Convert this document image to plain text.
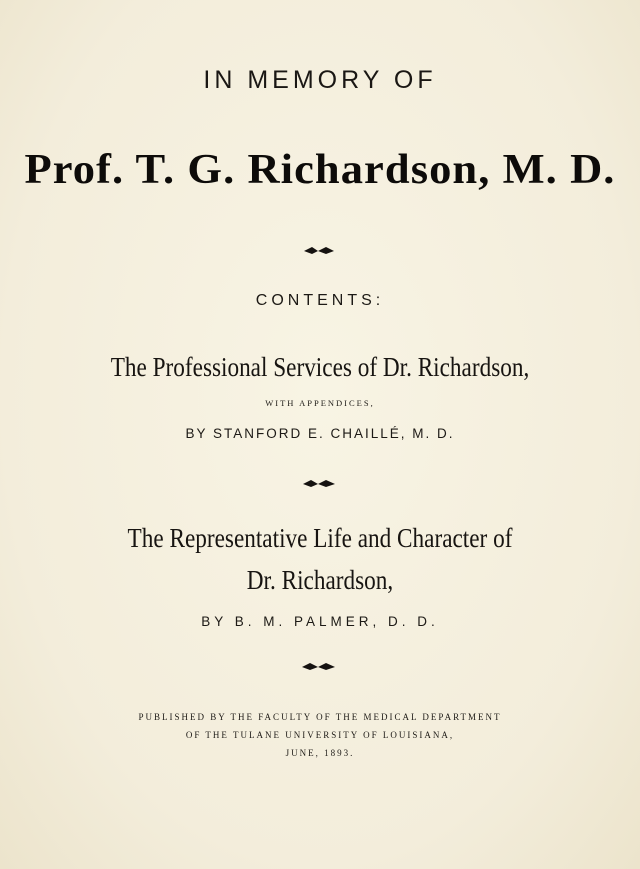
IN MEMORY OF
Prof. T. G. Richardson, M. D.
CONTENTS:
The Professional Services of Dr. Richardson,
WITH APPENDICES,
BY STANFORD E. CHAILLÉ, M. D.
The Representative Life and Character of
Dr. Richardson,
BY B. M. PALMER, D. D.
PUBLISHED BY THE FACULTY OF THE MEDICAL DEPARTMENT
OF THE TULANE UNIVERSITY OF LOUISIANA,
JUNE, 1893.
